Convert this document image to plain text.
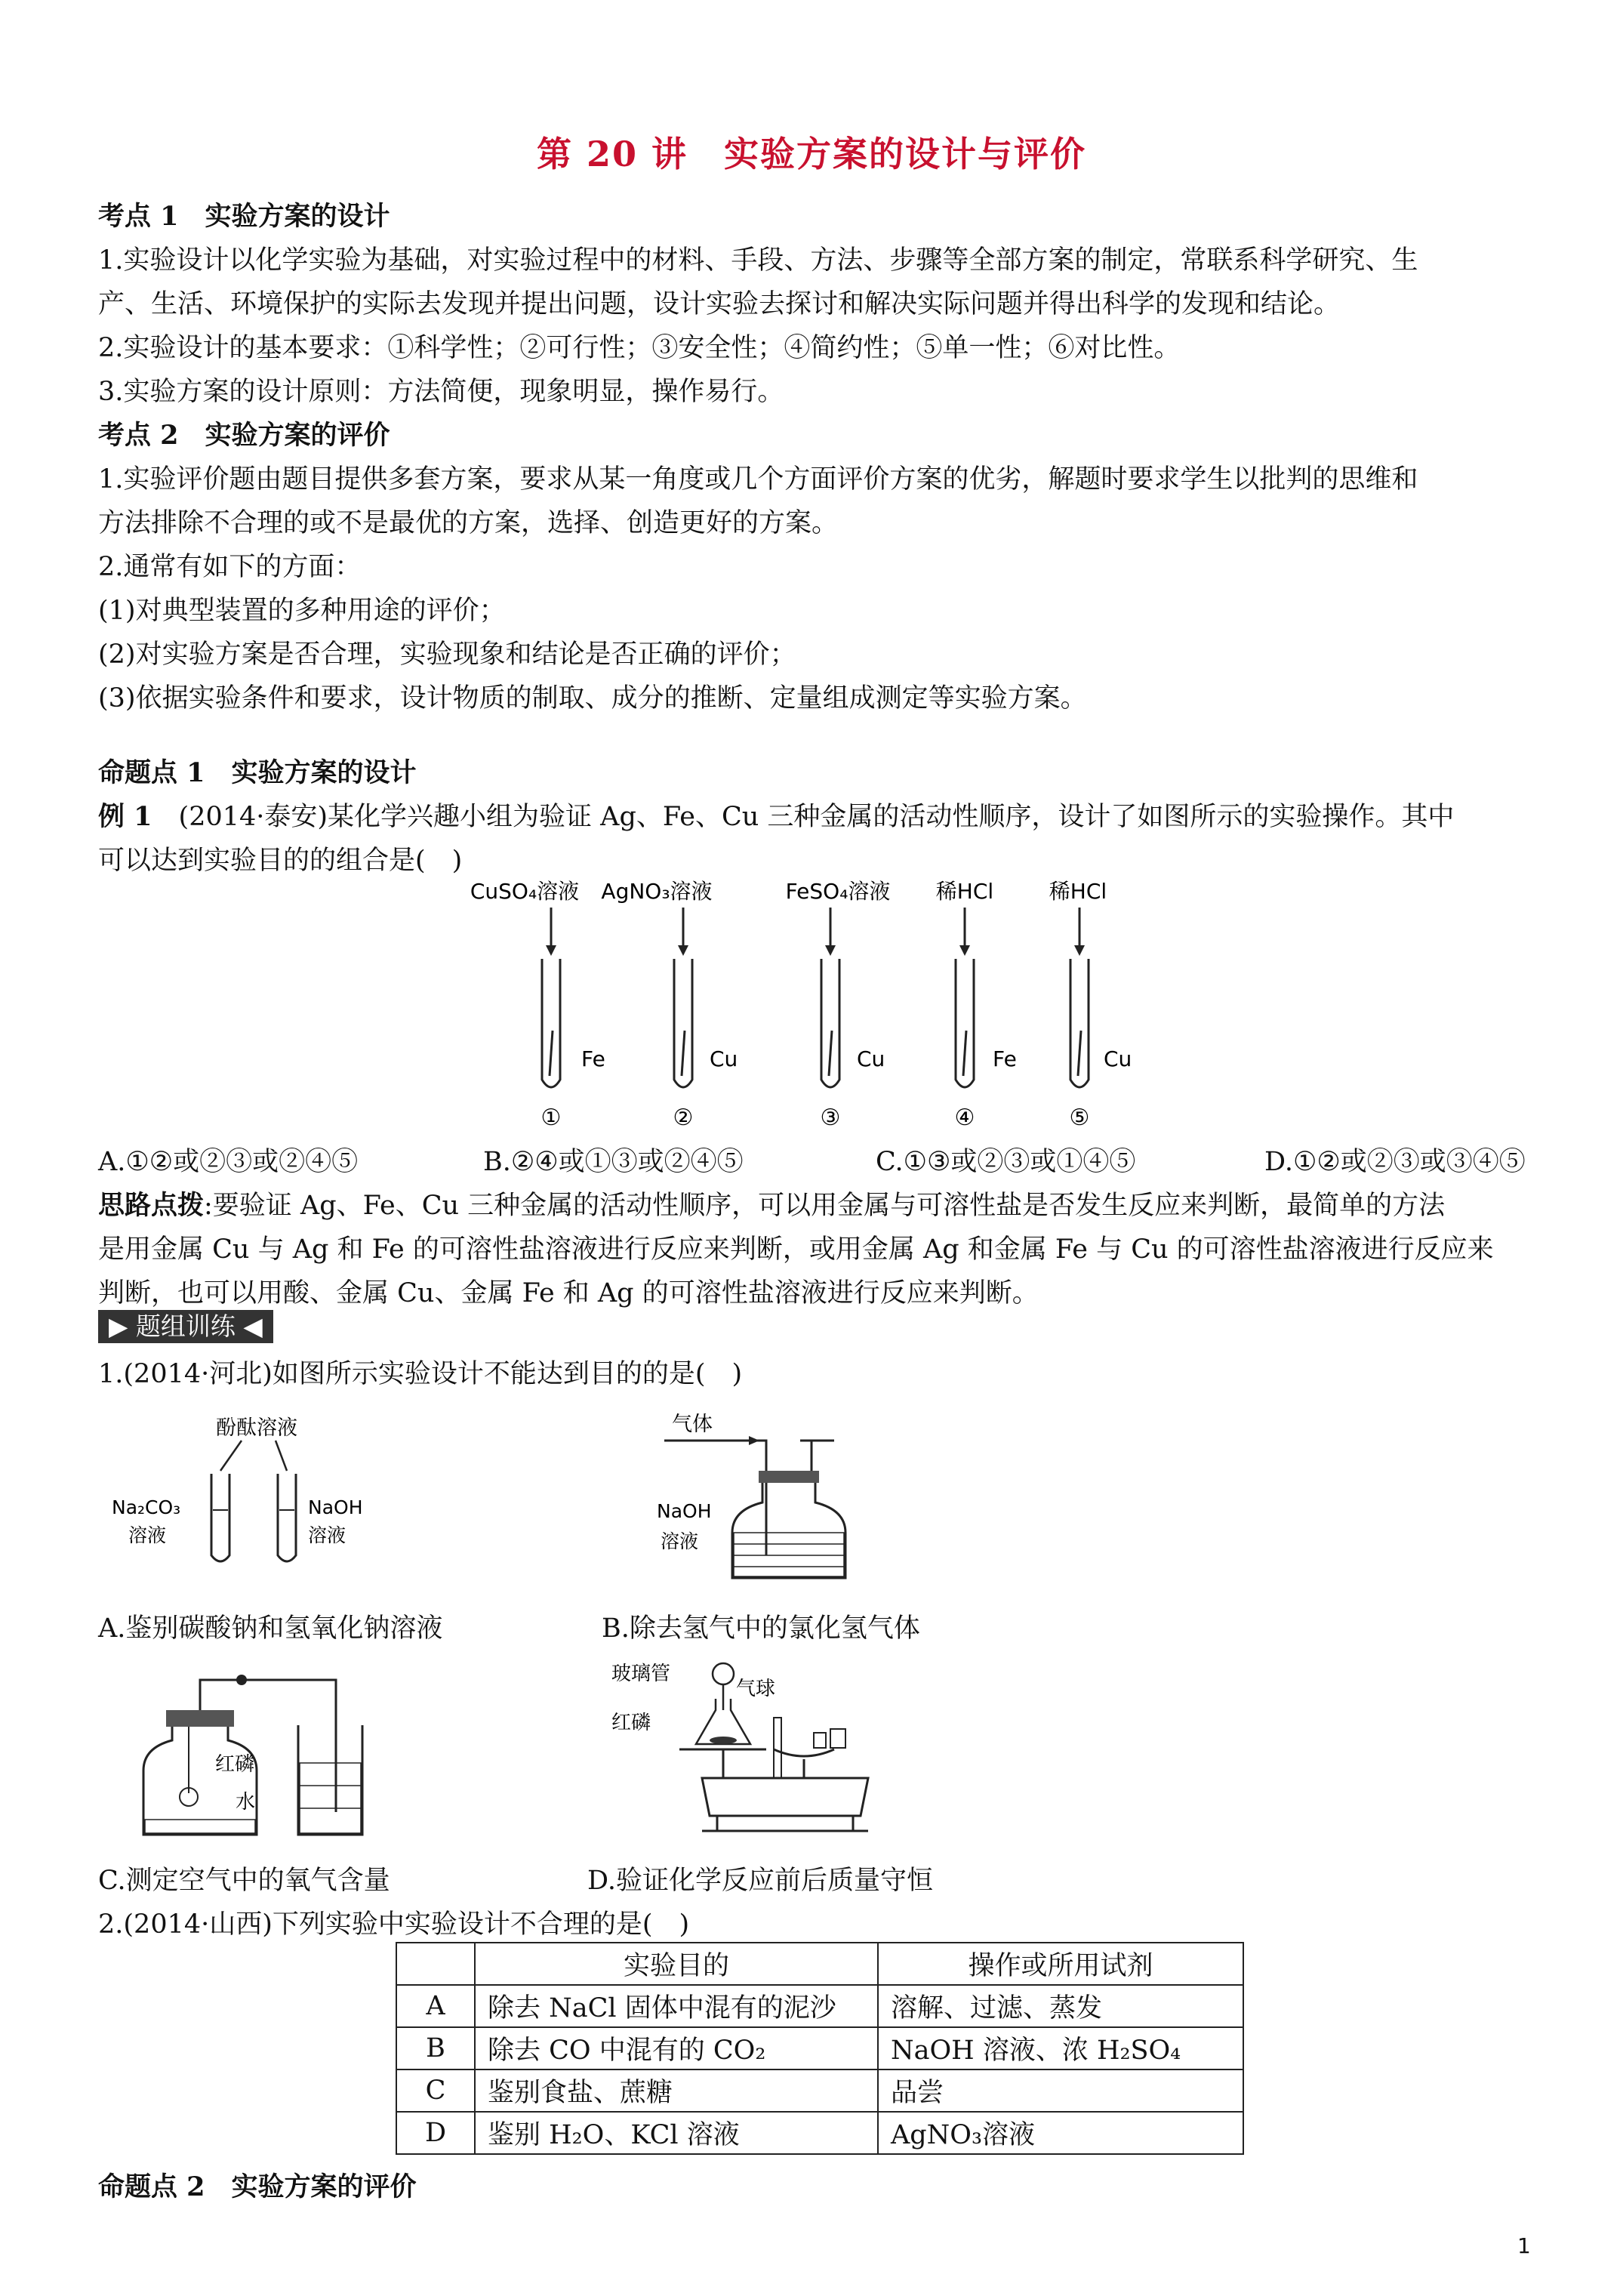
第 20 讲　实验方案的设计与评价
考点 1　实验方案的设计
1.实验设计以化学实验为基础，对实验过程中的材料、手段、方法、步骤等全部方案的制定，常联系科学研究、生
产、生活、环境保护的实际去发现并提出问题，设计实验去探讨和解决实际问题并得出科学的发现和结论。
2.实验设计的基本要求：①科学性；②可行性；③安全性；④简约性；⑤单一性；⑥对比性。
3.实验方案的设计原则：方法简便，现象明显，操作易行。
考点 2　实验方案的评价
1.实验评价题由题目提供多套方案，要求从某一角度或几个方面评价方案的优劣，解题时要求学生以批判的思维和
方法排除不合理的或不是最优的方案，选择、创造更好的方案。
2.通常有如下的方面：
(1)对典型装置的多种用途的评价；
(2)对实验方案是否合理，实验现象和结论是否正确的评价；
(3)依据实验条件和要求，设计物质的制取、成分的推断、定量组成测定等实验方案。
命题点 1　实验方案的设计
例 1　(2014·泰安)某化学兴趣小组为验证 Ag、Fe、Cu 三种金属的活动性顺序，设计了如图所示的实验操作。其中
可以达到实验目的的组合是(　)
CuSO₄溶液
Fe
①
AgNO₃溶液
Cu
②
FeSO₄溶液
Cu
③
稀HCl
Fe
④
稀HCl
Cu
⑤
A.①②或②③或②④⑤	B.②④或①③或②④⑤	C.①③或②③或①④⑤	D.①②或②③或③④⑤
思路点拨:要验证 Ag、Fe、Cu 三种金属的活动性顺序，可以用金属与可溶性盐是否发生反应来判断，最简单的方法
是用金属 Cu 与 Ag 和 Fe 的可溶性盐溶液进行反应来判断，或用金属 Ag 和金属 Fe 与 Cu 的可溶性盐溶液进行反应来
判断，也可以用酸、金属 Cu、金属 Fe 和 Ag 的可溶性盐溶液进行反应来判断。
▶ 题组训练 ◀
1.(2014·河北)如图所示实验设计不能达到目的的是(　)
酚酞溶液
Na₂CO₃
溶液
NaOH
溶液
气体
NaOH
溶液
A.鉴别碳酸钠和氢氧化钠溶液	B.除去氢气中的氯化氢气体
红磷
水
玻璃管
气球
红磷
C.测定空气中的氧气含量	D.验证化学反应前后质量守恒
2.(2014·山西)下列实验中实验设计不合理的是(　)
	实验目的	操作或所用试剂
A	除去 NaCl 固体中混有的泥沙	溶解、过滤、蒸发
B	除去 CO 中混有的 CO₂	NaOH 溶液、浓 H₂SO₄
C	鉴别食盐、蔗糖	品尝
D	鉴别 H₂O、KCl 溶液	AgNO₃溶液
命题点 2　实验方案的评价
1
